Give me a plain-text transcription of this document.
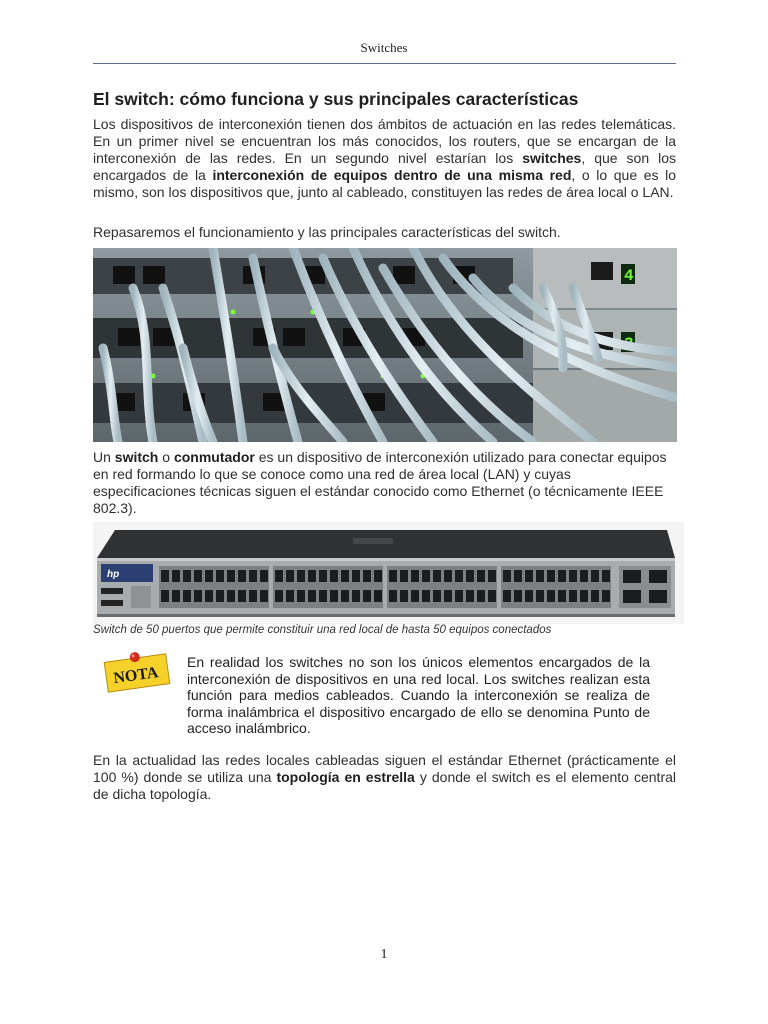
Switches
El switch: cómo funciona y sus principales características
Los dispositivos de interconexión tienen dos ámbitos de actuación en las redes telemáticas. En un primer nivel se encuentran los más conocidos, los routers, que se encargan de la interconexión de las redes. En un segundo nivel estarían los switches, que son los encargados de la interconexión de equipos dentro de una misma red, o lo que es lo mismo, son los dispositivos que, junto al cableado, constituyen las redes de área local o LAN.
Repasaremos el funcionamiento y las principales características del switch.
4
3
Un switch o conmutador es un dispositivo de interconexión utilizado para conectar equipos en red formando lo que se conoce como una red de área local (LAN) y cuyas especificaciones técnicas siguen el estándar conocido como Ethernet (o técnicamente IEEE 802.3).
hp
Switch de 50 puertos que permite constituir una red local de hasta 50 equipos conectados
NOTA
En realidad los switches no son los únicos elementos encargados de la interconexión de dispositivos en una red local. Los switches realizan esta función para medios cableados. Cuando la interconexión se realiza de forma inalámbrica el dispositivo encargado de ello se denomina Punto de acceso inalámbrico.
En la actualidad las redes locales cableadas siguen el estándar Ethernet (prácticamente el 100 %) donde se utiliza una topología en estrella y donde el switch es el elemento central de dicha topología.
1
